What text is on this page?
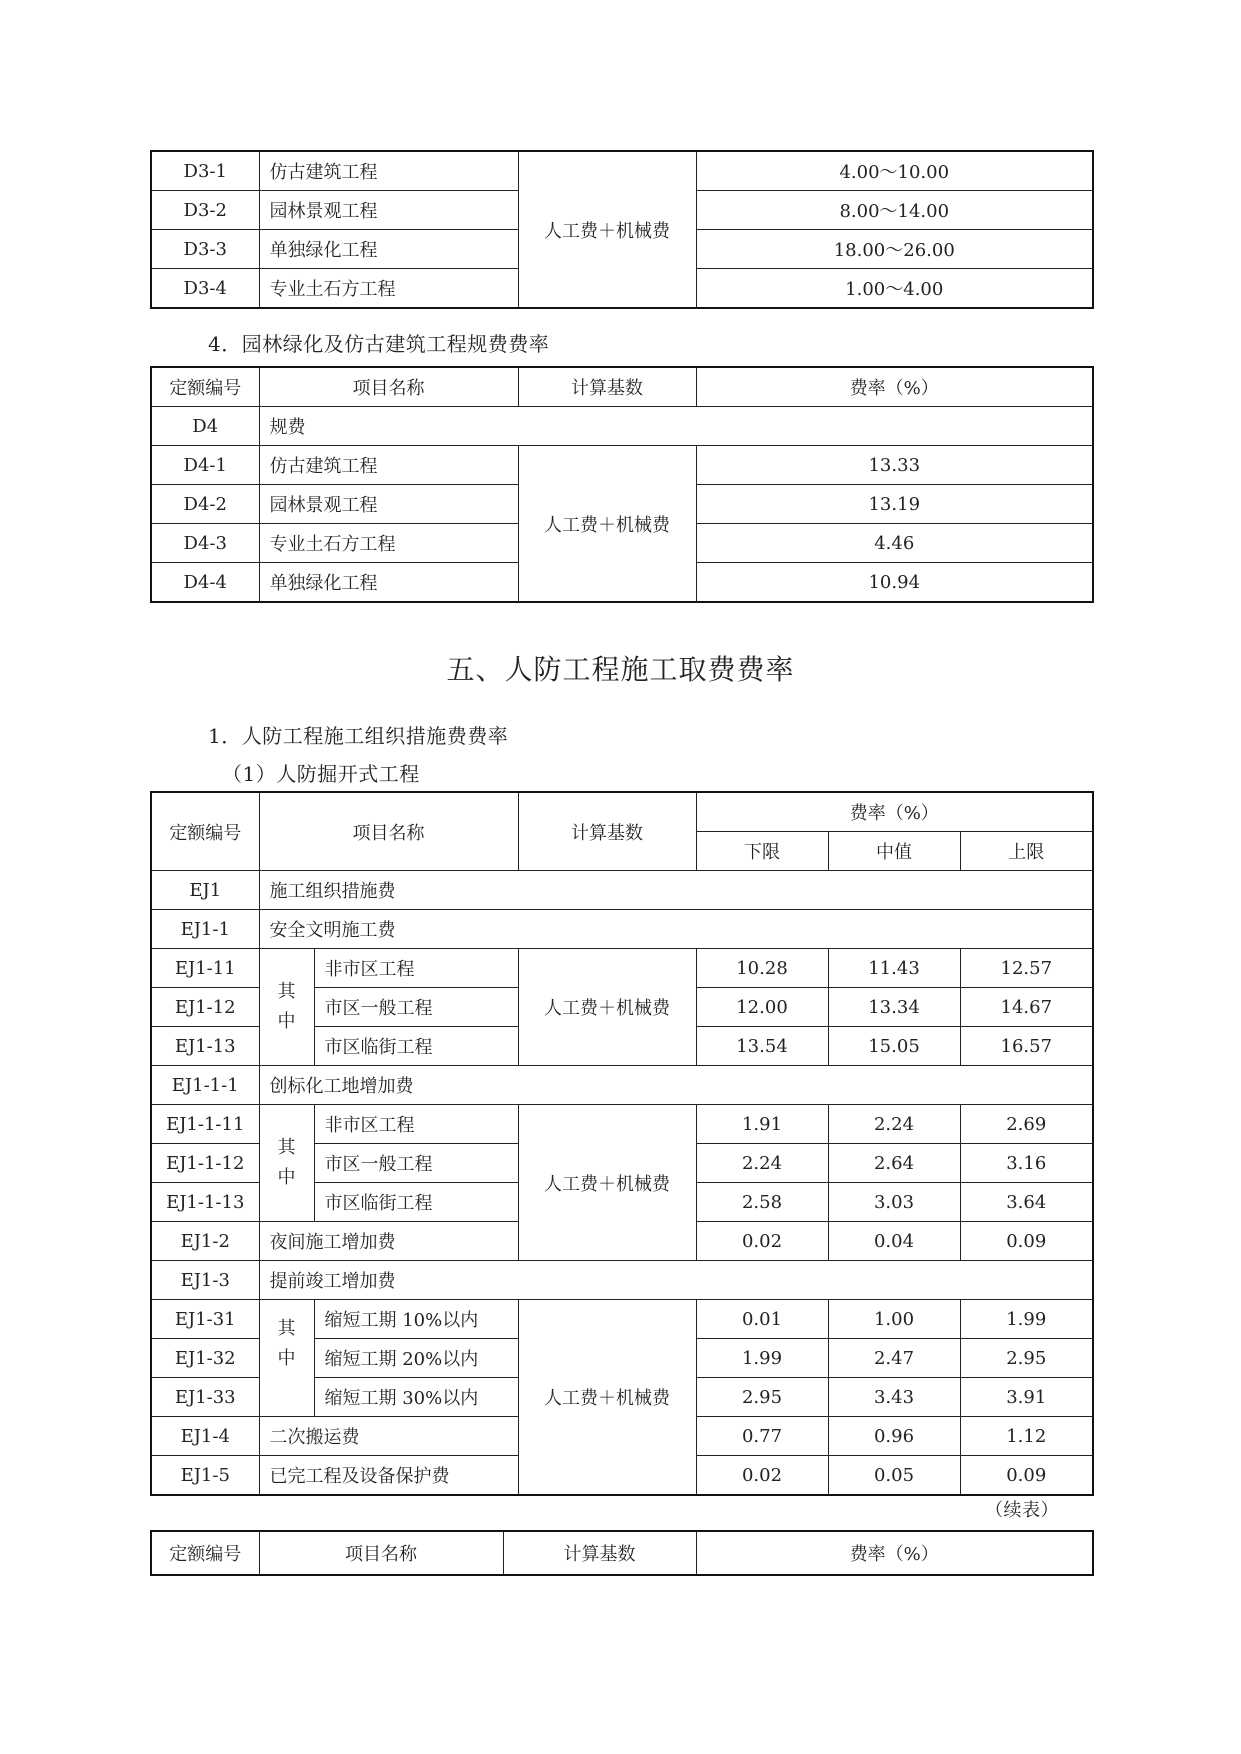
D3-1	仿古建筑工程	人工费＋机械费	4.00～10.00
D3-2	园林景观工程		8.00～14.00
D3-3	单独绿化工程		18.00～26.00
D3-4	专业土石方工程		1.00～4.00
4．园林绿化及仿古建筑工程规费费率
定额编号	项目名称	计算基数	费率（%）
D4	规费		
D4-1	仿古建筑工程	人工费＋机械费	13.33
D4-2	园林景观工程		13.19
D4-3	专业土石方工程		4.46
D4-4	单独绿化工程		10.94
五、人防工程施工取费费率
1．人防工程施工组织措施费费率
（1）人防掘开式工程
定额编号	项目名称		计算基数	费率（%）		
				下限	中值	上限
EJ1	施工组织措施费					
EJ1-1	安全文明施工费					
EJ1-11	其中	非市区工程	人工费＋机械费	10.28	11.43	12.57
EJ1-12		市区一般工程		12.00	13.34	14.67
EJ1-13		市区临街工程		13.54	15.05	16.57
EJ1-1-1	创标化工地增加费					
EJ1-1-11	其中	非市区工程	人工费＋机械费	1.91	2.24	2.69
EJ1-1-12		市区一般工程		2.24	2.64	3.16
EJ1-1-13		市区临街工程		2.58	3.03	3.64
EJ1-2	夜间施工增加费			0.02	0.04	0.09
EJ1-3	提前竣工增加费					
EJ1-31	其中	缩短工期 10%以内	人工费＋机械费	0.01	1.00	1.99
EJ1-32		缩短工期 20%以内		1.99	2.47	2.95
EJ1-33		缩短工期 30%以内		2.95	3.43	3.91
EJ1-4	二次搬运费			0.77	0.96	1.12
EJ1-5	已完工程及设备保护费			0.02	0.05	0.09
（续表）
定额编号	项目名称	计算基数	费率（%）
